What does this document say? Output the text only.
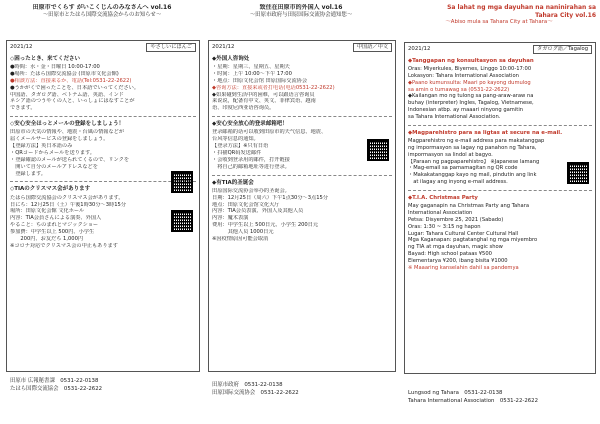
田原市でくらす がいこくじんのみなさんへ vol.16

～田原市とたはら国際交流協会からのお知らせ～

2021/12	やさしいにほんご

◇困ったとき、来てください

●時間：水・金・日曜日 10:00-17:00

●場所：たはら国際交流協会 (田原市文化会館)

●相談方法：直接来るか、電話(Tel:0531-22-2622)

●うかがくで困ったことを、日本語でいってください。

中国語、タガログ語、ベトナム語、英語、インド

ネシア語のつうやくの人と、いっしょにはなすことが

できます。

◇安心安全ほっとメールの登録をしましょう！

田原市の天気の情報や、地震・台風の情報などが

届くメールサービスの登録をしましょう。

【登録方法】英日本語のみ

・QRコードからメールを送ります。

・登録確認のメールが送られてくるので、リンクを

　開いて自分のメールアドレスなどを

　登録します。

◇TIAのクリスマス会があります

たはら国際交流協会のクリスマス会があります。

日にち：12月25日（土）午後1時30分～3時15分

場所：田原文化会館 文化ホール

内容：TIA会員さんによる演奏、外国人

やること：ちのまれとマジックショー

参加費：中学生以上 500円、小学生

　　200円、お友だち 1,000円

※コロナ対応でクリスマス会の中止もあります

田原市 広報秘書課　0531-22-0138
たはら国際交流協会　0531-22-2622

致住在田原市的外国人 vol.16

～田原市政府与田原国际交流协会通知您～

2021/12	中国語／中文

◆外国人咨询处

・星期：星期三、星期五、星期天

・时间：上午 10:00～下午 17:00

・地点：田原文化会馆 田原国际交流协会

◆咨询方法：直接来或者打电话(电话0531-22-2622)

◆如果碰到生活中的困难，可以跟语言咨询员

来说说，配备有中文、英文、菲律宾语、越南

语、印度尼西亚语咨询员。

◆安心安全放心的登录邮箱吧！

登录邮箱的话可以收到田原市的天气信息、地震、

台风等信息的通知。

【登录方法】※只有日语

・扫描QR码发送邮件

・会收到登录用的邮件，打开链接

　将自己的邮箱地址等进行登录。

◆有TIA的圣诞会

田原国际交流协会举办的圣诞会。

日期：12月25日（周六）下午1点30分～3点15分

地点：田原文化会馆文化大厅

内容：TIA会员表演、外国人及其他人员

内容：魔术表演

费用：中学生以上 500日元、小学生 200日元

　　　其他人员 1000日元

※因疫情原因可能会取消

田原市政府　0531-22-0138
田原国际交流协会　0531-22-2622

Sa lahat ng mga dayuhan na naninirahan sa

Tahara City vol.16

～Abiso mula sa Tahara City at Tahara～

2021/12	タガログ語／Tagalog

◆Tanggapan ng konsultasyon sa dayuhan

Oras: Miyerkules, Biyernes, Linggo 10:00-17:00

Lokasyon: Tahara International Association

◆Paano kumunsulta: Maari po kayong dumulog

sa amin o tumawag sa (0531-22-2622)

◆Kailangan mo ng tulong sa pang-araw-araw na

buhay (interpreter) Ingles, Tagalog, Vietnamese,

Indonesian atbp. ay maaari ninyong gamitin

sa Tahara International Association.

◆Magparehistro para sa ligtas at secure na e-mail.

Magparehistro ng e-mail address para makatanggap

ng impormasyon sa lagay ng panahon ng Tahara,

impormasyon sa lindol at bagyo.

【Paraan ng pagpaparehistro】 ※Japanese lamang

・Mag-email sa pamamagitan ng QR code

・Makakatanggap kayo ng mail, pindutin ang link

　at ilagay ang inyong e-mail address.

◆T.I.A. Christmas Party

May gaganapin na Christmas Party ang Tahara

International Association

Petsa: Disyembre 25, 2021 (Sabado)

Oras: 1:30 ~ 3:15 ng hapon

Lugar: Tahara Cultural Center Cultural Hall

Mga Kaganapan: pagtatanghal ng mga miyembro

ng TIA at mga dayuhan, magic show

Bayad: High school pataas ¥500

Elementarya ¥200, ibang bisita ¥1000

※ Maaaring kanselahin dahil sa pandemya

Lungsod ng Tahara　0531-22-0138
Tahara International Association　0531-22-2622
